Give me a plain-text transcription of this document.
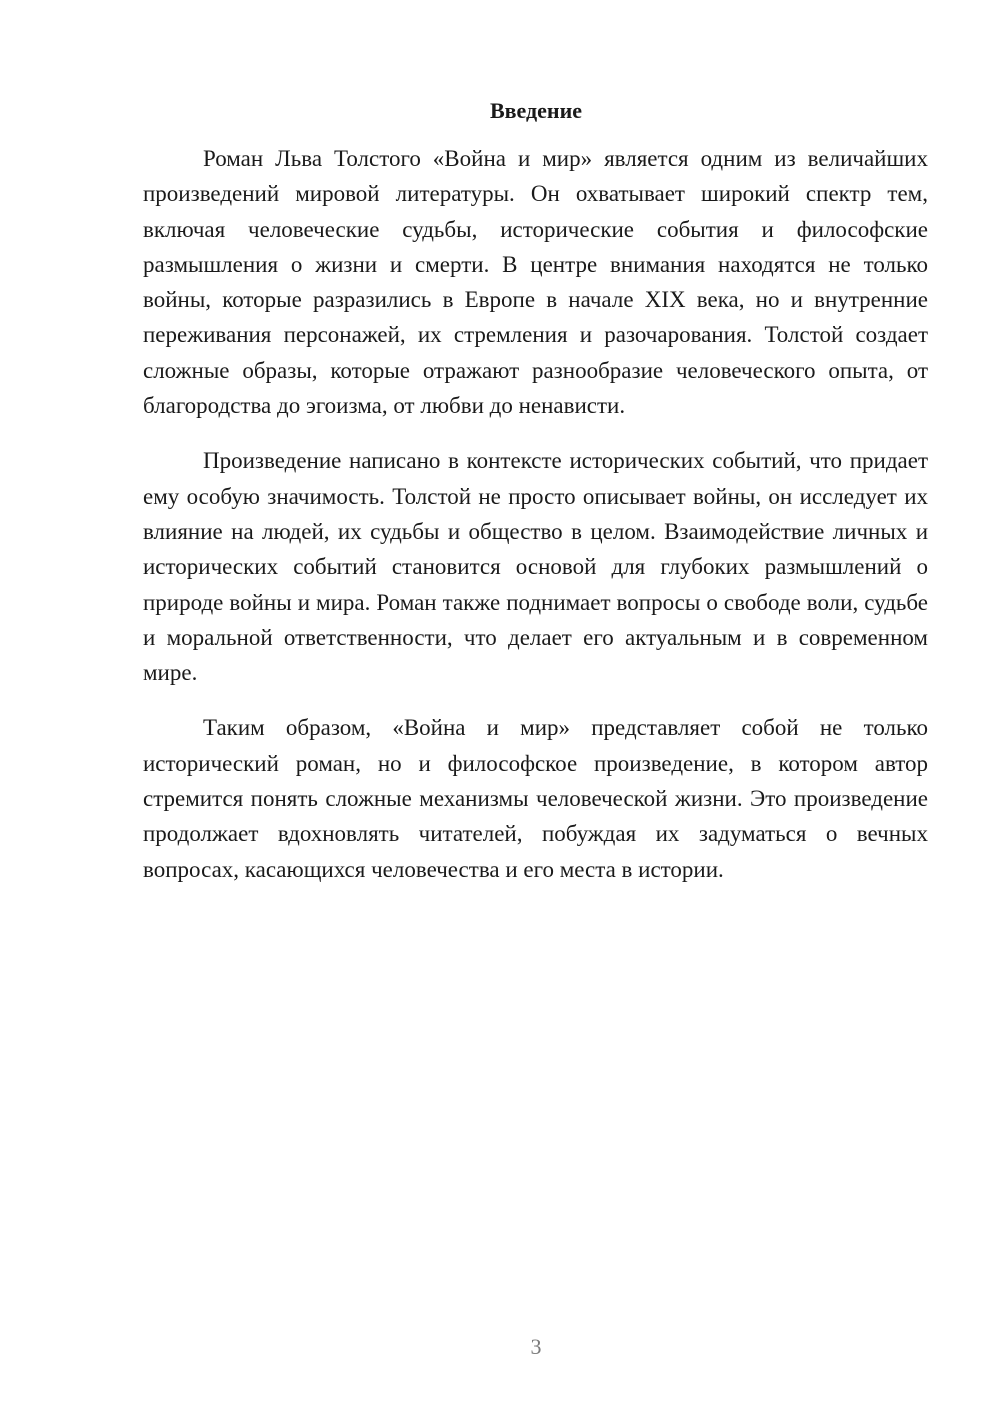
Введение

Роман Льва Толстого «Война и мир» является одним из величайших произведений мировой литературы. Он охватывает широкий спектр тем, включая человеческие судьбы, исторические события и философские размышления о жизни и смерти. В центре внимания находятся не только войны, которые разразились в Европе в начале XIX века, но и внутренние переживания персонажей, их стремления и разочарования. Толстой создает сложные образы, которые отражают разнообразие человеческого опыта, от благородства до эгоизма, от любви до ненависти.

Произведение написано в контексте исторических событий, что придает ему особую значимость. Толстой не просто описывает войны, он исследует их влияние на людей, их судьбы и общество в целом. Взаимодействие личных и исторических событий становится основой для глубоких размышлений о природе войны и мира. Роман также поднимает вопросы о свободе воли, судьбе и моральной ответственности, что делает его актуальным и в современном мире.

Таким образом, «Война и мир» представляет собой не только исторический роман, но и философское произведение, в котором автор стремится понять сложные механизмы человеческой жизни. Это произведение продолжает вдохновлять читателей, побуждая их задуматься о вечных вопросах, касающихся человечества и его места в истории.

3
